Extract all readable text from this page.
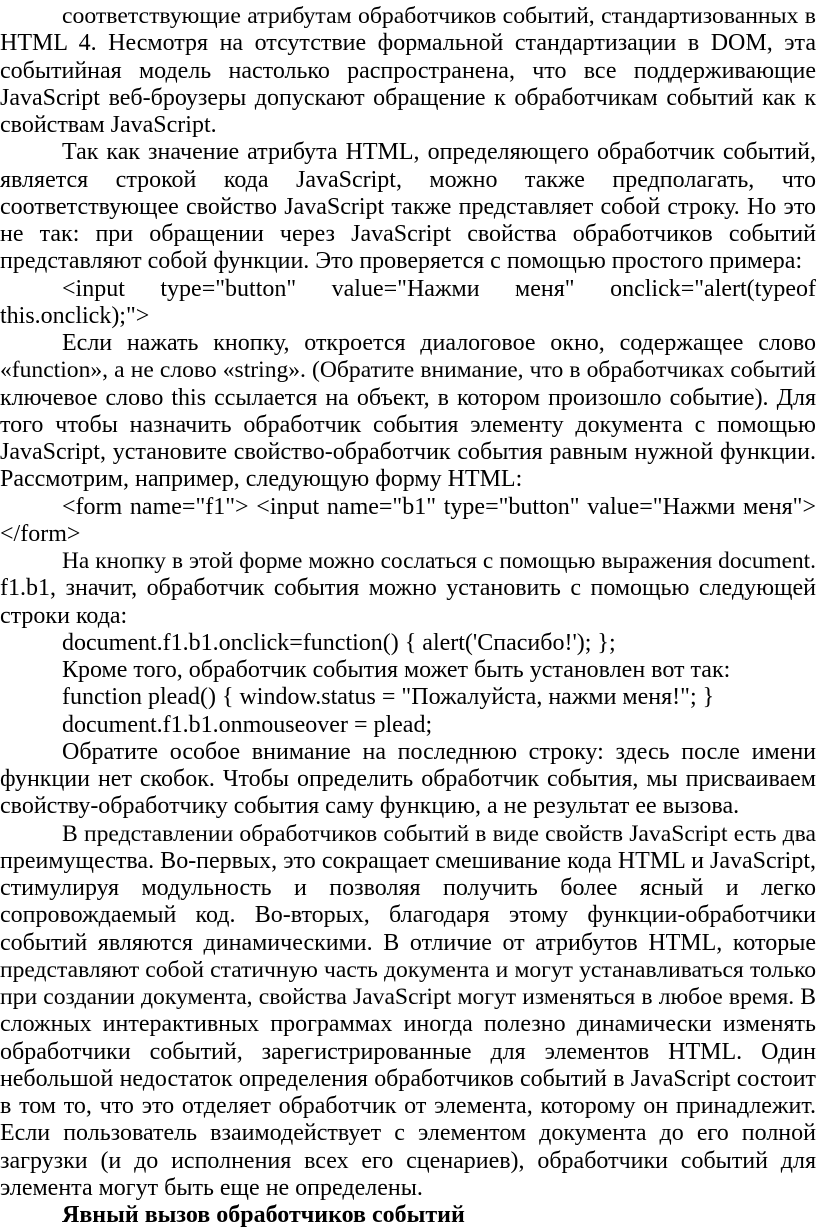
соответствующие атрибутам обработчиков событий, стандартизованных в
HTML 4. Несмотря на отсутствие формальной стандартизации в DOM, эта
событийная модель настолько распространена, что все поддерживающие
JavaScript веб-броузеры допускают обращение к обработчикам событий как к
свойствам JavaScript.
Так как значение атрибута HTML, определяющего обработчик событий,
является строкой кода JavaScript, можно также предполагать, что
соответствующее свойство JavaScript также представляет собой строку. Но это
не так: при обращении через JavaScript свойства обработчиков событий
представляют собой функции. Это проверяется с помощью простого примера:
<input type="button" value="Нажми меня" onclick="alert(typeof
this.onclick);">
Если нажать кнопку, откроется диалоговое окно, содержащее слово
«function», а не слово «string». (Обратите внимание, что в обработчиках событий
ключевое слово this ссылается на объект, в котором произошло событие). Для
того чтобы назначить обработчик события элементу документа с помощью
JavaScript, установите свойство-обработчик события равным нужной функции.
Рассмотрим, например, следующую форму HTML:
<form name="f1"> <input name="b1" type="button" value="Нажми меня">
</form>
На кнопку в этой форме можно сослаться с помощью выражения document.
f1.b1, значит, обработчик события можно установить с помощью следующей
строки кода:
document.f1.b1.onclick=function() { alert('Спасибо!'); };
Кроме того, обработчик события может быть установлен вот так:
function plead() { window.status = "Пожалуйста, нажми меня!"; }
document.f1.b1.onmouseover = plead;
Обратите особое внимание на последнюю строку: здесь после имени
функции нет скобок. Чтобы определить обработчик события, мы присваиваем
свойству-обработчику события саму функцию, а не результат ее вызова.
В представлении обработчиков событий в виде свойств JavaScript есть два
преимущества. Во-первых, это сокращает смешивание кода HTML и JavaScript,
стимулируя модульность и позволяя получить более ясный и легко
сопровождаемый код. Во-вторых, благодаря этому функции-обработчики
событий являются динамическими. В отличие от атрибутов HTML, которые
представляют собой статичную часть документа и могут устанавливаться только
при создании документа, свойства JavaScript могут изменяться в любое время. В
сложных интерактивных программах иногда полезно динамически изменять
обработчики событий, зарегистрированные для элементов HTML. Один
небольшой недостаток определения обработчиков событий в JavaScript состоит
в том то, что это отделяет обработчик от элемента, которому он принадлежит.
Если пользователь взаимодействует с элементом документа до его полной
загрузки (и до исполнения всех его сценариев), обработчики событий для
элемента могут быть еще не определены.
Явный вызов обработчиков событий
